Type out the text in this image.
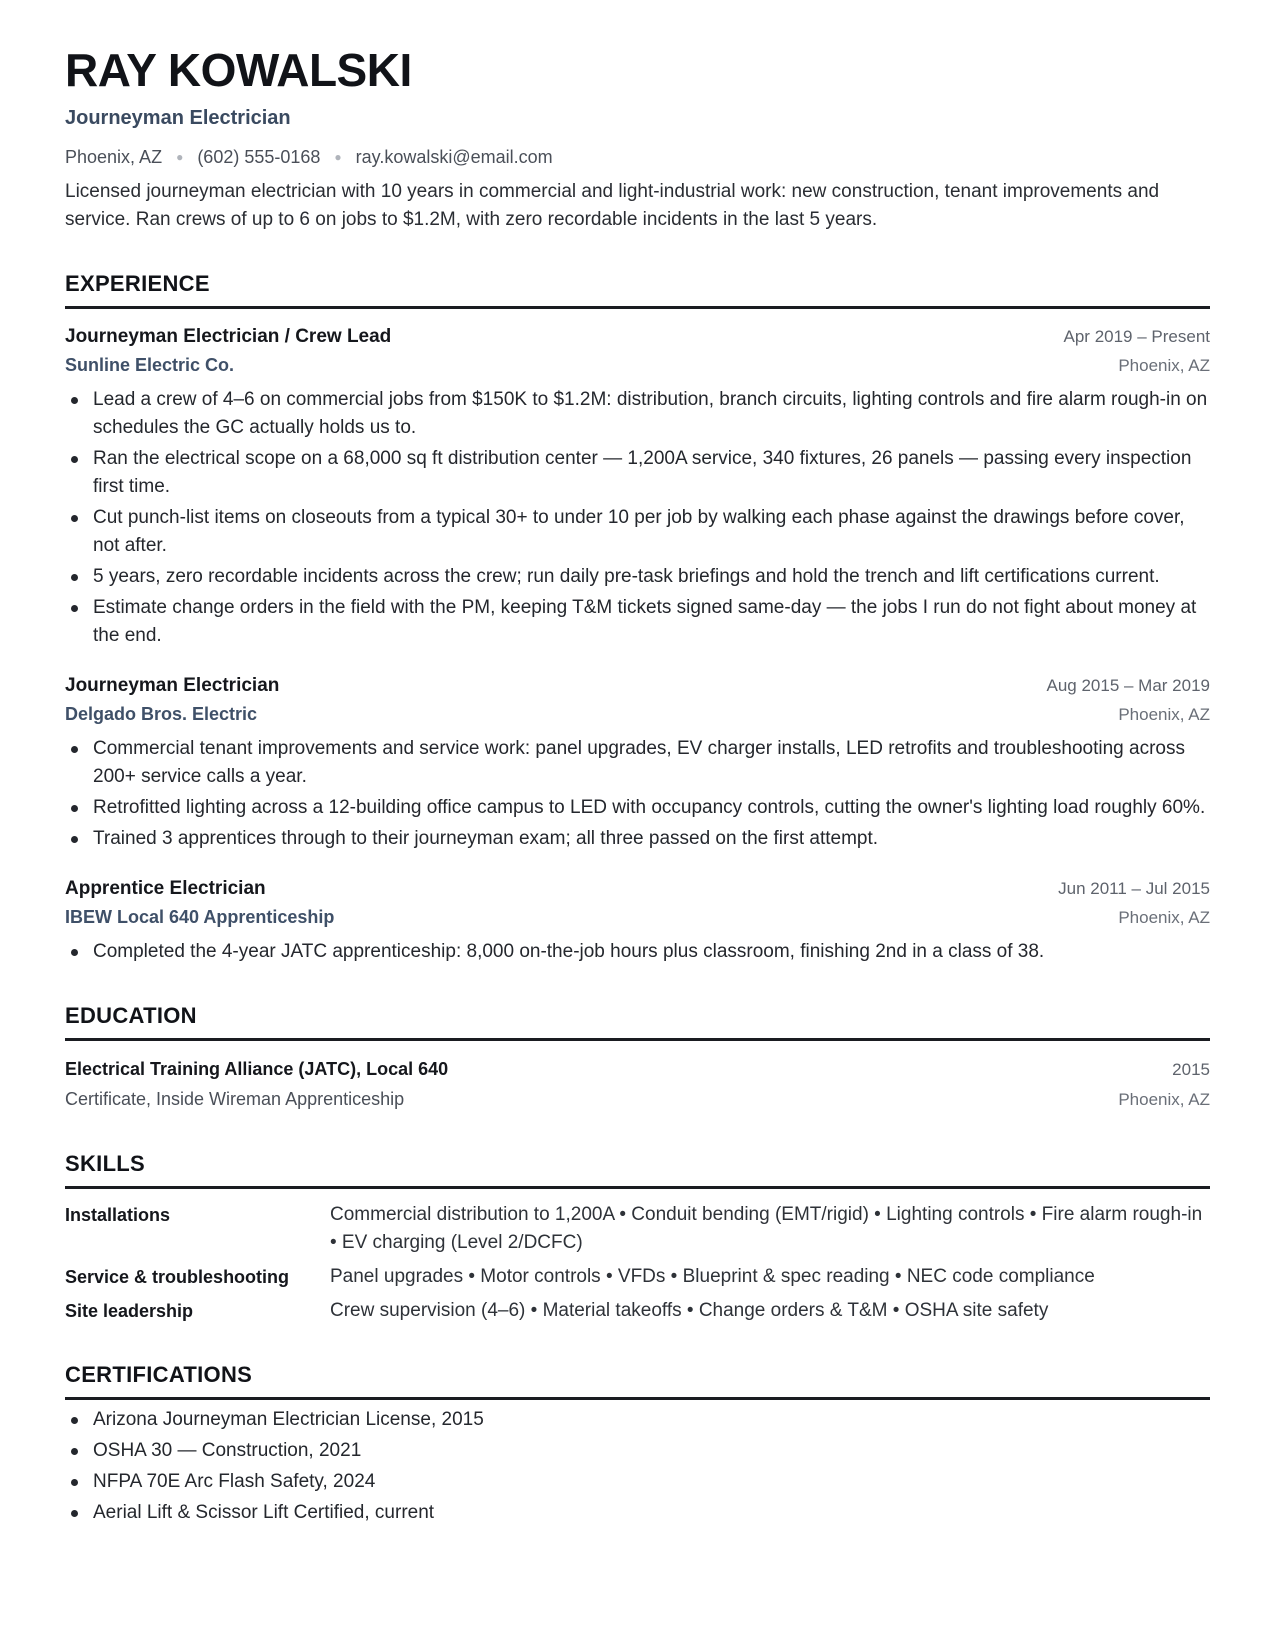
RAY KOWALSKI
Journeyman Electrician
Phoenix, AZ ● (602) 555-0168 ● ray.kowalski@email.com

Licensed journeyman electrician with 10 years in commercial and light-industrial work: new construction, tenant improvements and service. Ran crews of up to 6 on jobs to $1.2M, with zero recordable incidents in the last 5 years.

EXPERIENCE
Journeyman Electrician / Crew Lead	Apr 2019 – Present
Sunline Electric Co.	Phoenix, AZ
Lead a crew of 4–6 on commercial jobs from $150K to $1.2M: distribution, branch circuits, lighting controls and fire alarm rough-in on schedules the GC actually holds us to.
Ran the electrical scope on a 68,000 sq ft distribution center — 1,200A service, 340 fixtures, 26 panels — passing every inspection first time.
Cut punch-list items on closeouts from a typical 30+ to under 10 per job by walking each phase against the drawings before cover, not after.
5 years, zero recordable incidents across the crew; run daily pre-task briefings and hold the trench and lift certifications current.
Estimate change orders in the field with the PM, keeping T&M tickets signed same-day — the jobs I run do not fight about money at the end.
Journeyman Electrician	Aug 2015 – Mar 2019
Delgado Bros. Electric	Phoenix, AZ
Commercial tenant improvements and service work: panel upgrades, EV charger installs, LED retrofits and troubleshooting across 200+ service calls a year.
Retrofitted lighting across a 12-building office campus to LED with occupancy controls, cutting the owner's lighting load roughly 60%.
Trained 3 apprentices through to their journeyman exam; all three passed on the first attempt.
Apprentice Electrician	Jun 2011 – Jul 2015
IBEW Local 640 Apprenticeship	Phoenix, AZ
Completed the 4-year JATC apprenticeship: 8,000 on-the-job hours plus classroom, finishing 2nd in a class of 38.
EDUCATION
Electrical Training Alliance (JATC), Local 640	2015
Certificate, Inside Wireman Apprenticeship	Phoenix, AZ
SKILLS
Installations	Commercial distribution to 1,200A • Conduit bending (EMT/rigid) • Lighting controls • Fire alarm rough-in • EV charging (Level 2/DCFC)
Service & troubleshooting	Panel upgrades • Motor controls • VFDs • Blueprint & spec reading • NEC code compliance
Site leadership	Crew supervision (4–6) • Material takeoffs • Change orders & T&M • OSHA site safety
CERTIFICATIONS
Arizona Journeyman Electrician License, 2015
OSHA 30 — Construction, 2021
NFPA 70E Arc Flash Safety, 2024
Aerial Lift & Scissor Lift Certified, current
